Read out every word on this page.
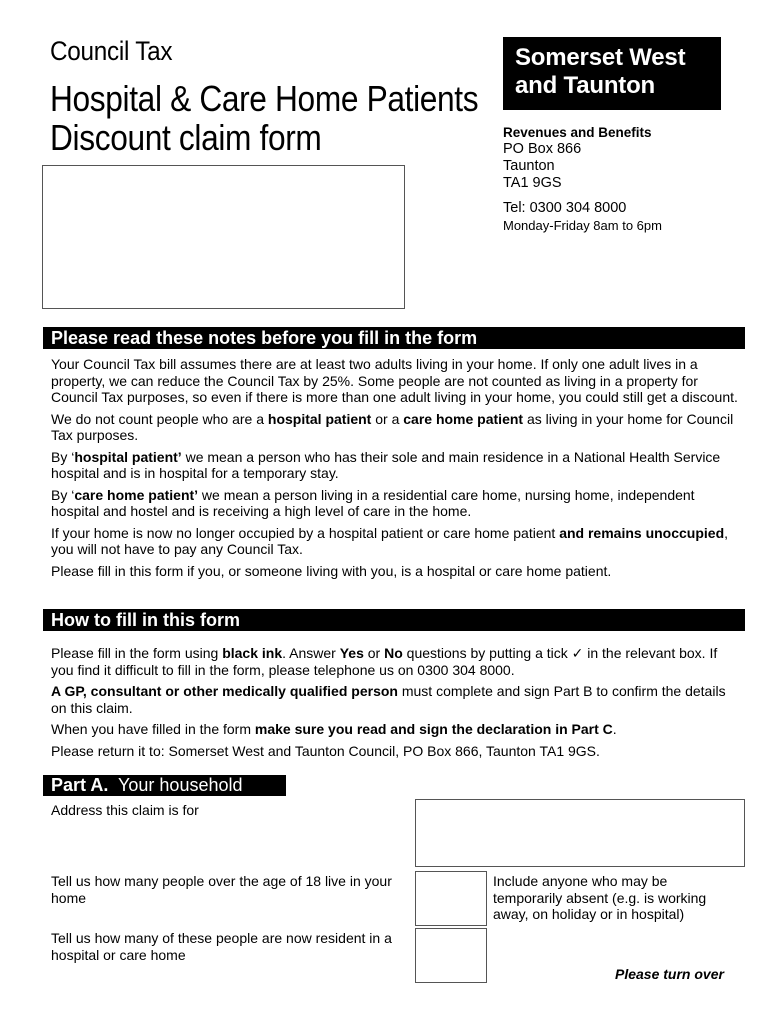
Council Tax
Hospital & Care Home Patients
Discount claim form
Somerset West
and Taunton
Revenues and Benefits
PO Box 866
Taunton
TA1 9GS
Tel: 0300 304 8000
Monday-Friday 8am to 6pm
Please read these notes before you fill in the form

Your Council Tax bill assumes there are at least two adults living in your home. If only one adult lives in a property, we can reduce the Council Tax by 25%. Some people are not counted as living in a property for Council Tax purposes, so even if there is more than one adult living in your home, you could still get a discount.

We do not count people who are a hospital patient or a care home patient as living in your home for Council Tax purposes.

By ‘hospital patient’ we mean a person who has their sole and main residence in a National Health Service hospital and is in hospital for a temporary stay.

By ‘care home patient’ we mean a person living in a residential care home, nursing home, independent hospital and hostel and is receiving a high level of care in the home.

If your home is now no longer occupied by a hospital patient or care home patient and remains unoccupied, you will not have to pay any Council Tax.

Please fill in this form if you, or someone living with you, is a hospital or care home patient.

How to fill in this form

Please fill in the form using black ink. Answer Yes or No questions by putting a tick ✓ in the relevant box. If you find it difficult to fill in the form, please telephone us on 0300 304 8000.

A GP, consultant or other medically qualified person must complete and sign Part B to confirm the details on this claim.

When you have filled in the form make sure you read and sign the declaration in Part C.

Please return it to: Somerset West and Taunton Council, PO Box 866, Taunton TA1 9GS.

Part A. Your household
Address this claim is for
Tell us how many people over the age of 18 live in your home
Include anyone who may be temporarily absent (e.g. is working away, on holiday or in hospital)
Tell us how many of these people are now resident in a hospital or care home
Please turn over
